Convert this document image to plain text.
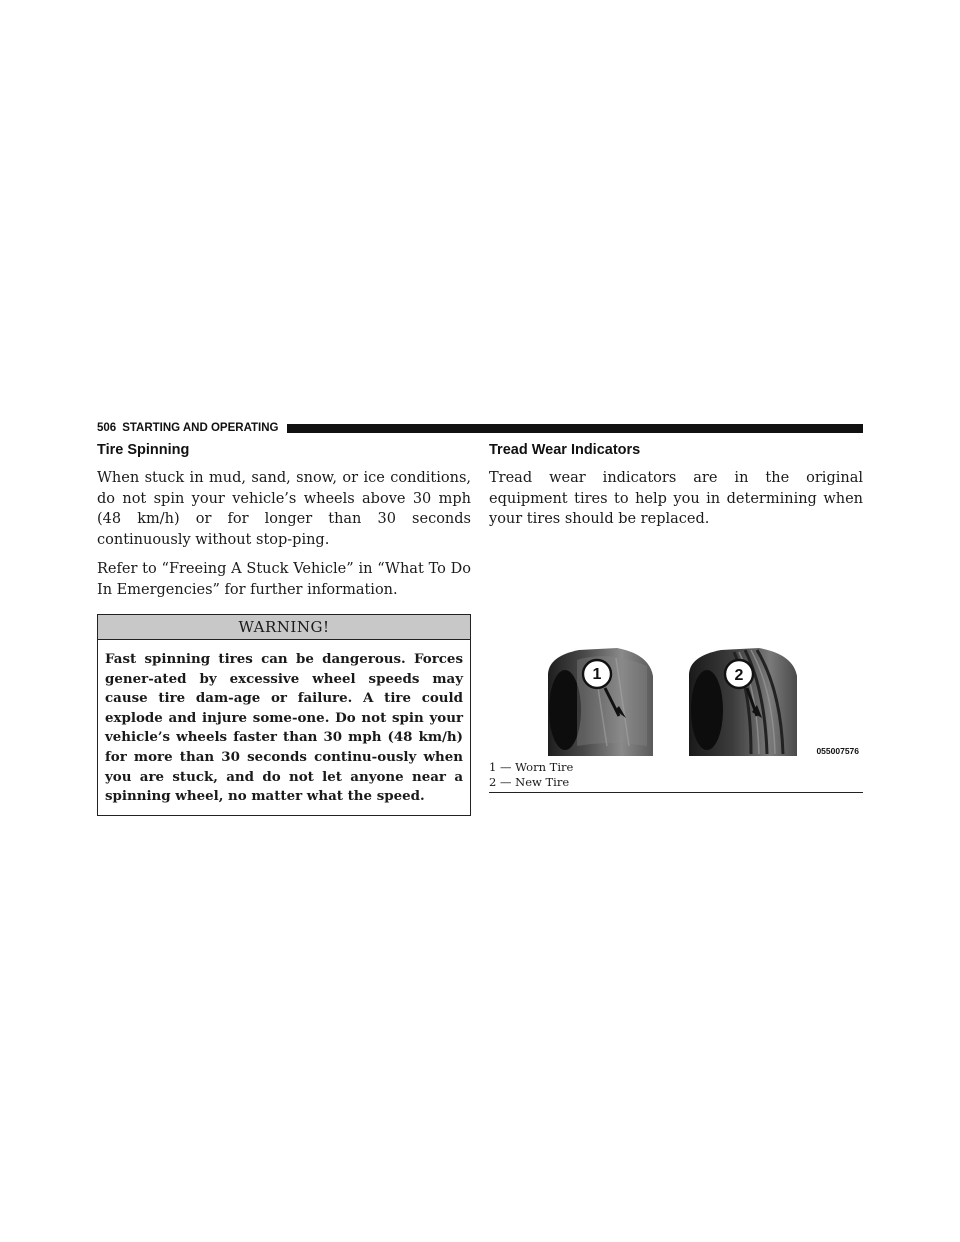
506 STARTING AND OPERATING
Tire Spinning

When stuck in mud, sand, snow, or ice conditions, do not spin your vehicle’s wheels above 30 mph (48 km/h) or for longer than 30 seconds continuously without stop-ping.

Refer to “Freeing A Stuck Vehicle” in “What To Do In Emergencies” for further information.

WARNING!
Fast spinning tires can be dangerous. Forces gener-ated by excessive wheel speeds may cause tire dam-age or failure. A tire could explode and injure some-one. Do not spin your vehicle’s wheels faster than 30 mph (48 km/h) for more than 30 seconds continu-ously when you are stuck, and do not let anyone near a spinning wheel, no matter what the speed.
Tread Wear Indicators

Tread wear indicators are in the original equipment tires to help you in determining when your tires should be replaced.

1	2
055007576
1 — Worn Tire
2 — New Tire
